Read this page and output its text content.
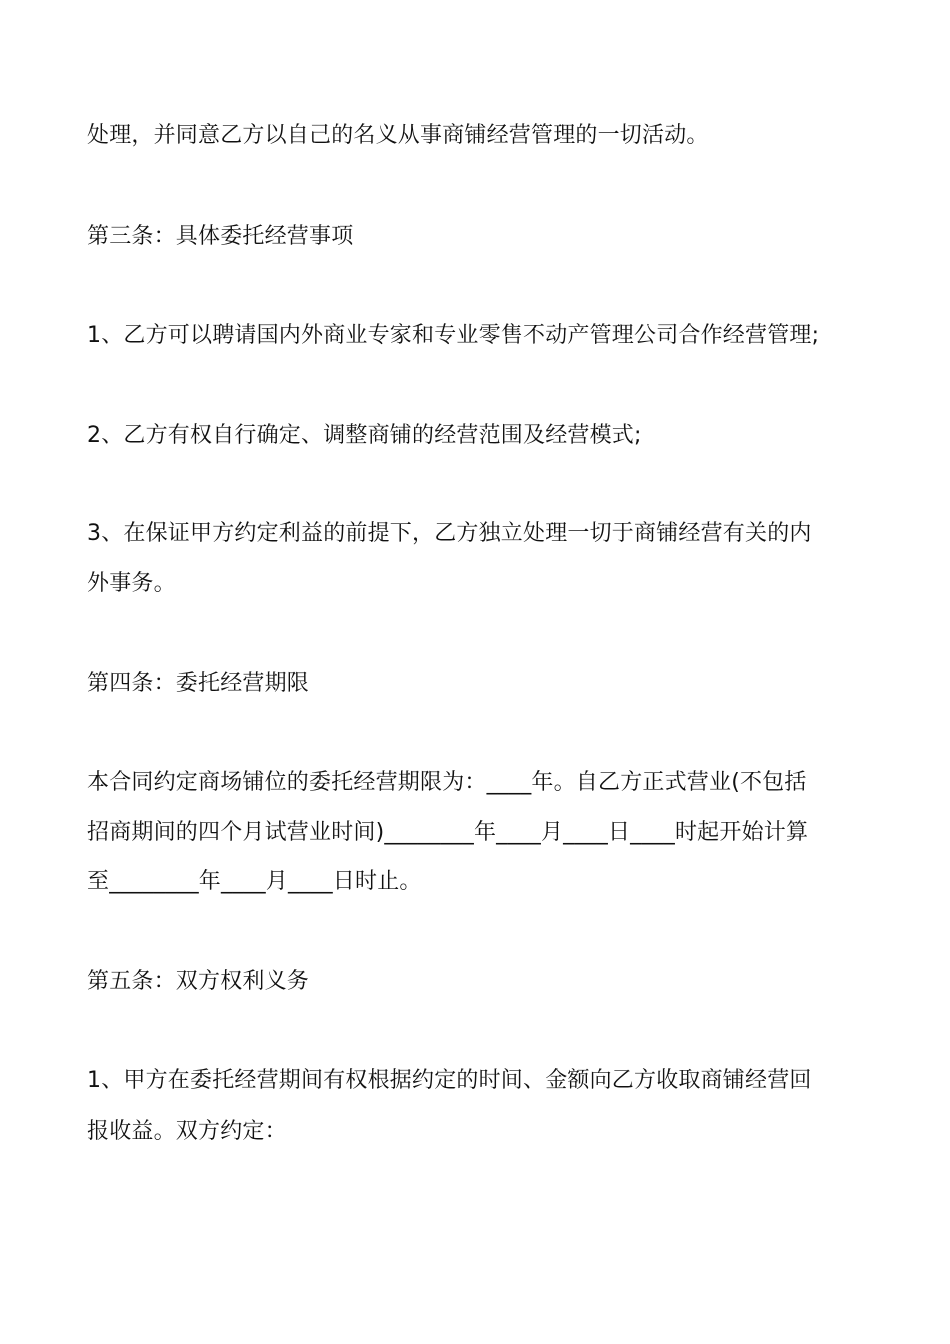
处理，并同意乙方以自己的名义从事商铺经营管理的一切活动。

第三条：具体委托经营事项

1、乙方可以聘请国内外商业专家和专业零售不动产管理公司合作经营管理;

2、乙方有权自行确定、调整商铺的经营范围及经营模式;

3、在保证甲方约定利益的前提下，乙方独立处理一切于商铺经营有关的内

外事务。

第四条：委托经营期限

本合同约定商场铺位的委托经营期限为：____年。自乙方正式营业(不包括

招商期间的四个月试营业时间)________年____月____日____时起开始计算

至________年____月____日时止。

第五条：双方权利义务

1、甲方在委托经营期间有权根据约定的时间、金额向乙方收取商铺经营回

报收益。双方约定：
